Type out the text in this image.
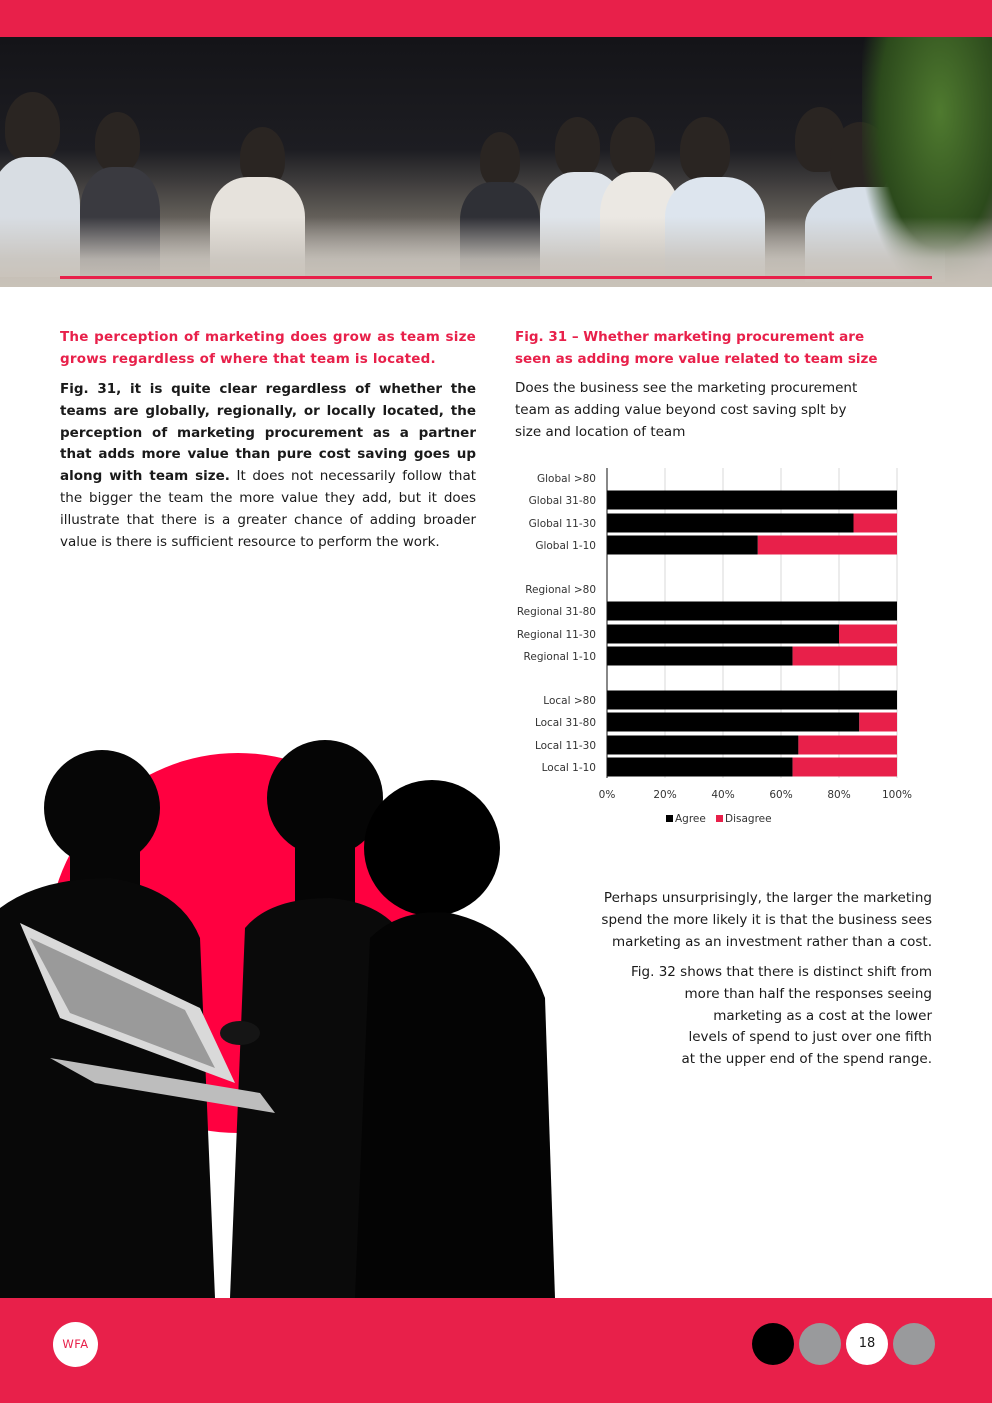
The perception of marketing does grow as team size grows regardless of where that team is located.

Fig. 31, it is quite clear regardless of whether the teams are globally, regionally, or locally located, the perception of marketing procurement as a partner that adds more value than pure cost saving goes up along with team size. It does not necessarily follow that the bigger the team the more value they add, but it does illustrate that there is a greater chance of adding broader value is there is sufficient resource to perform the work.

Fig. 31 – Whether marketing procurement are seen as adding more value related to team size

Does the business see the marketing procurement team as adding value beyond cost saving splt by size and location of team

Global >80
Global 31-80
Global 11-30
Global 1-10
Regional >80
Regional 31-80
Regional 11-30
Regional 1-10
Local >80
Local 31-80
Local 11-30
Local 1-10
0%	20%	40%	60%	80%	100%
Agree Disagree

Perhaps unsurprisingly, the larger the marketing spend the more likely it is that the business sees marketing as an investment rather than a cost.

Fig. 32 shows that there is distinct shift from
more than half the responses seeing
marketing as a cost at the lower
levels of spend to just over one fifth
at the upper end of the spend range.

WFA	18
